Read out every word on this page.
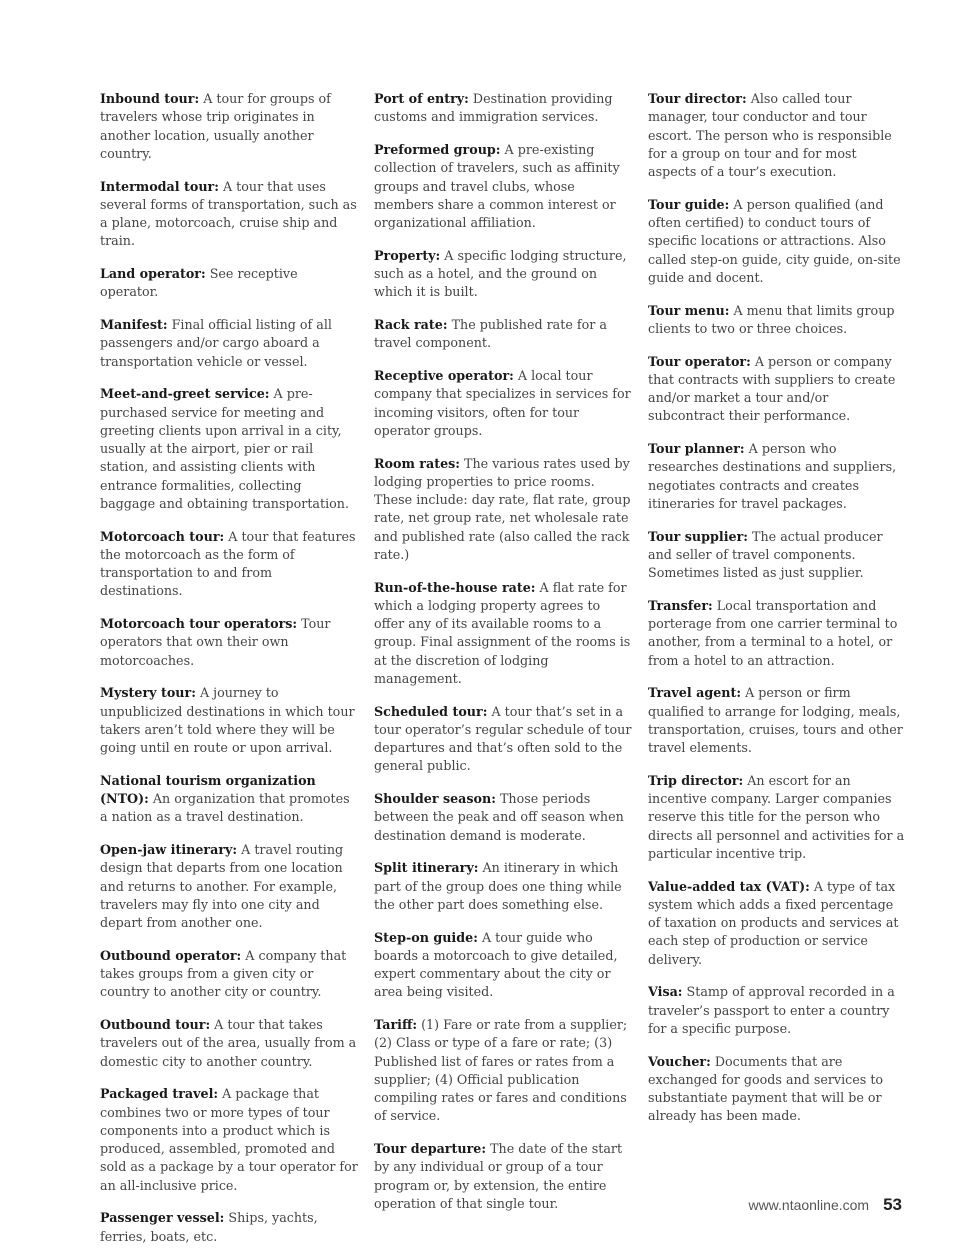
Inbound tour: A tour for groups of travelers whose trip originates in another location, usually another country.

Intermodal tour: A tour that uses several forms of transportation, such as a plane, motorcoach, cruise ship and train.

Land operator: See receptive operator.

Manifest: Final official listing of all passengers and/or cargo aboard a transportation vehicle or vessel.

Meet-and-greet service: A pre-purchased service for meeting and greeting clients upon arrival in a city, usually at the airport, pier or rail station, and assisting clients with entrance formalities, collecting baggage and obtaining transportation.

Motorcoach tour: A tour that features the motorcoach as the form of transportation to and from destinations.

Motorcoach tour operators: Tour operators that own their own motorcoaches.

Mystery tour: A journey to unpublicized destinations in which tour takers aren’t told where they will be going until en route or upon arrival.

National tourism organization (NTO): An organization that promotes a nation as a travel destination.

Open-jaw itinerary: A travel routing design that departs from one location and returns to another. For example, travelers may fly into one city and depart from another one.

Outbound operator: A company that takes groups from a given city or country to another city or country.

Outbound tour: A tour that takes travelers out of the area, usually from a domestic city to another country.

Packaged travel: A package that combines two or more types of tour components into a product which is produced, assembled, promoted and sold as a package by a tour operator for an all-inclusive price.

Passenger vessel: Ships, yachts, ferries, boats, etc.

Port of entry: Destination providing customs and immigration services.

Preformed group: A pre-existing collection of travelers, such as affinity groups and travel clubs, whose members share a common interest or organizational affiliation.

Property: A specific lodging structure, such as a hotel, and the ground on which it is built.

Rack rate: The published rate for a travel component.

Receptive operator: A local tour company that specializes in services for incoming visitors, often for tour operator groups.

Room rates: The various rates used by lodging properties to price rooms. These include: day rate, flat rate, group rate, net group rate, net wholesale rate and published rate (also called the rack rate.)

Run-of-the-house rate: A flat rate for which a lodging property agrees to offer any of its available rooms to a group. Final assignment of the rooms is at the discretion of lodging management.

Scheduled tour: A tour that’s set in a tour operator’s regular schedule of tour departures and that’s often sold to the general public.

Shoulder season: Those periods between the peak and off season when destination demand is moderate.

Split itinerary: An itinerary in which part of the group does one thing while the other part does something else.

Step-on guide: A tour guide who boards a motorcoach to give detailed, expert commentary about the city or area being visited.

Tariff: (1) Fare or rate from a supplier; (2) Class or type of a fare or rate; (3) Published list of fares or rates from a supplier; (4) Official publication compiling rates or fares and conditions of service.

Tour departure: The date of the start by any individual or group of a tour program or, by extension, the entire operation of that single tour.

Tour director: Also called tour manager, tour conductor and tour escort. The person who is responsible for a group on tour and for most aspects of a tour’s execution.

Tour guide: A person qualified (and often certified) to conduct tours of specific locations or attractions. Also called step-on guide, city guide, on-site guide and docent.

Tour menu: A menu that limits group clients to two or three choices.

Tour operator: A person or company that contracts with suppliers to create and/or market a tour and/or subcontract their performance.

Tour planner: A person who researches destinations and suppliers, negotiates contracts and creates itineraries for travel packages.

Tour supplier: The actual producer and seller of travel components. Sometimes listed as just supplier.

Transfer: Local transportation and porterage from one carrier terminal to another, from a terminal to a hotel, or from a hotel to an attraction.

Travel agent: A person or firm qualified to arrange for lodging, meals, transportation, cruises, tours and other travel elements.

Trip director: An escort for an incentive company. Larger companies reserve this title for the person who directs all personnel and activities for a particular incentive trip.

Value-added tax (VAT): A type of tax system which adds a fixed percentage of taxation on products and services at each step of production or service delivery.

Visa: Stamp of approval recorded in a traveler’s passport to enter a country for a specific purpose.

Voucher: Documents that are exchanged for goods and services to substantiate payment that will be or already has been made.

www.ntaonline.com 53
